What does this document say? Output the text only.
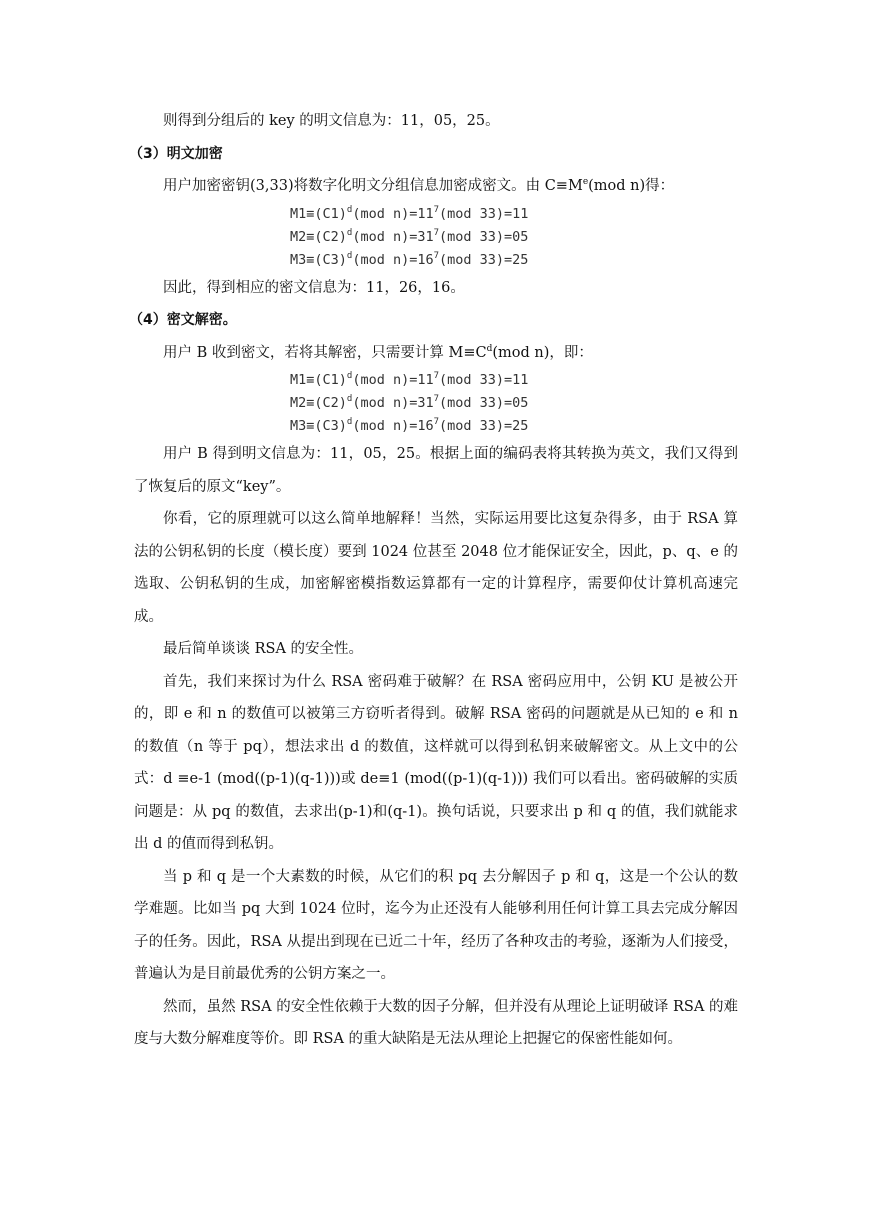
则得到分组后的 key 的明文信息为：11，05，25。

（3）明文加密

用户加密密钥(3,33)将数字化明文分组信息加密成密文。由 $C\equiv M^e(mod$ n)得：

$M1\equiv(C1)^d(mod$ $n)=11^7(mod$ 33)=11
$M2\equiv(C2)^d(mod$ $n)=31^7(mod$ 33)=05
$M3\equiv(C3)^d(mod$ $n)=16^7(mod$ 33)=25

因此，得到相应的密文信息为：11，26，16。

（4）密文解密。

用户 B 收到密文，若将其解密，只需要计算 $M\equiv C^d(mod$ n)，即：

$M1\equiv(C1)^d(mod$ $n)=11^7(mod$ 33)=11
$M2\equiv(C2)^d(mod$ $n)=31^7(mod$ 33)=05
$M3\equiv(C3)^d(mod$ $n)=16^7(mod$ 33)=25

用户 B 得到明文信息为：11，05，25。根据上面的编码表将其转换为英文，我们又得到了恢复后的原文“key”。

你看，它的原理就可以这么简单地解释！当然，实际运用要比这复杂得多，由于 RSA 算法的公钥私钥的长度（模长度）要到 1024 位甚至 2048 位才能保证安全，因此，p、q、e 的选取、公钥私钥的生成，加密解密模指数运算都有一定的计算程序，需要仰仗计算机高速完成。

最后简单谈谈 RSA 的安全性。

首先，我们来探讨为什么 RSA 密码难于破解？在 RSA 密码应用中，公钥 KU 是被公开的，即 e 和 n 的数值可以被第三方窃听者得到。破解 RSA 密码的问题就是从已知的 e 和 n 的数值（n 等于 pq），想法求出 d 的数值，这样就可以得到私钥来破解密文。从上文中的公式：d ≡e-1 (mod((p-1)(q-1)))或 de≡1 (mod((p-1)(q-1))) 我们可以看出。密码破解的实质问题是：从 pq 的数值，去求出(p-1)和(q-1)。换句话说，只要求出 p 和 q 的值，我们就能求出 d 的值而得到私钥。

当 p 和 q 是一个大素数的时候，从它们的积 pq 去分解因子 p 和 q，这是一个公认的数学难题。比如当 pq 大到 1024 位时，迄今为止还没有人能够利用任何计算工具去完成分解因子的任务。因此，RSA 从提出到现在已近二十年，经历了各种攻击的考验，逐渐为人们接受，普遍认为是目前最优秀的公钥方案之一。

然而，虽然 RSA 的安全性依赖于大数的因子分解，但并没有从理论上证明破译 RSA 的难度与大数分解难度等价。即 RSA 的重大缺陷是无法从理论上把握它的保密性能如何。
